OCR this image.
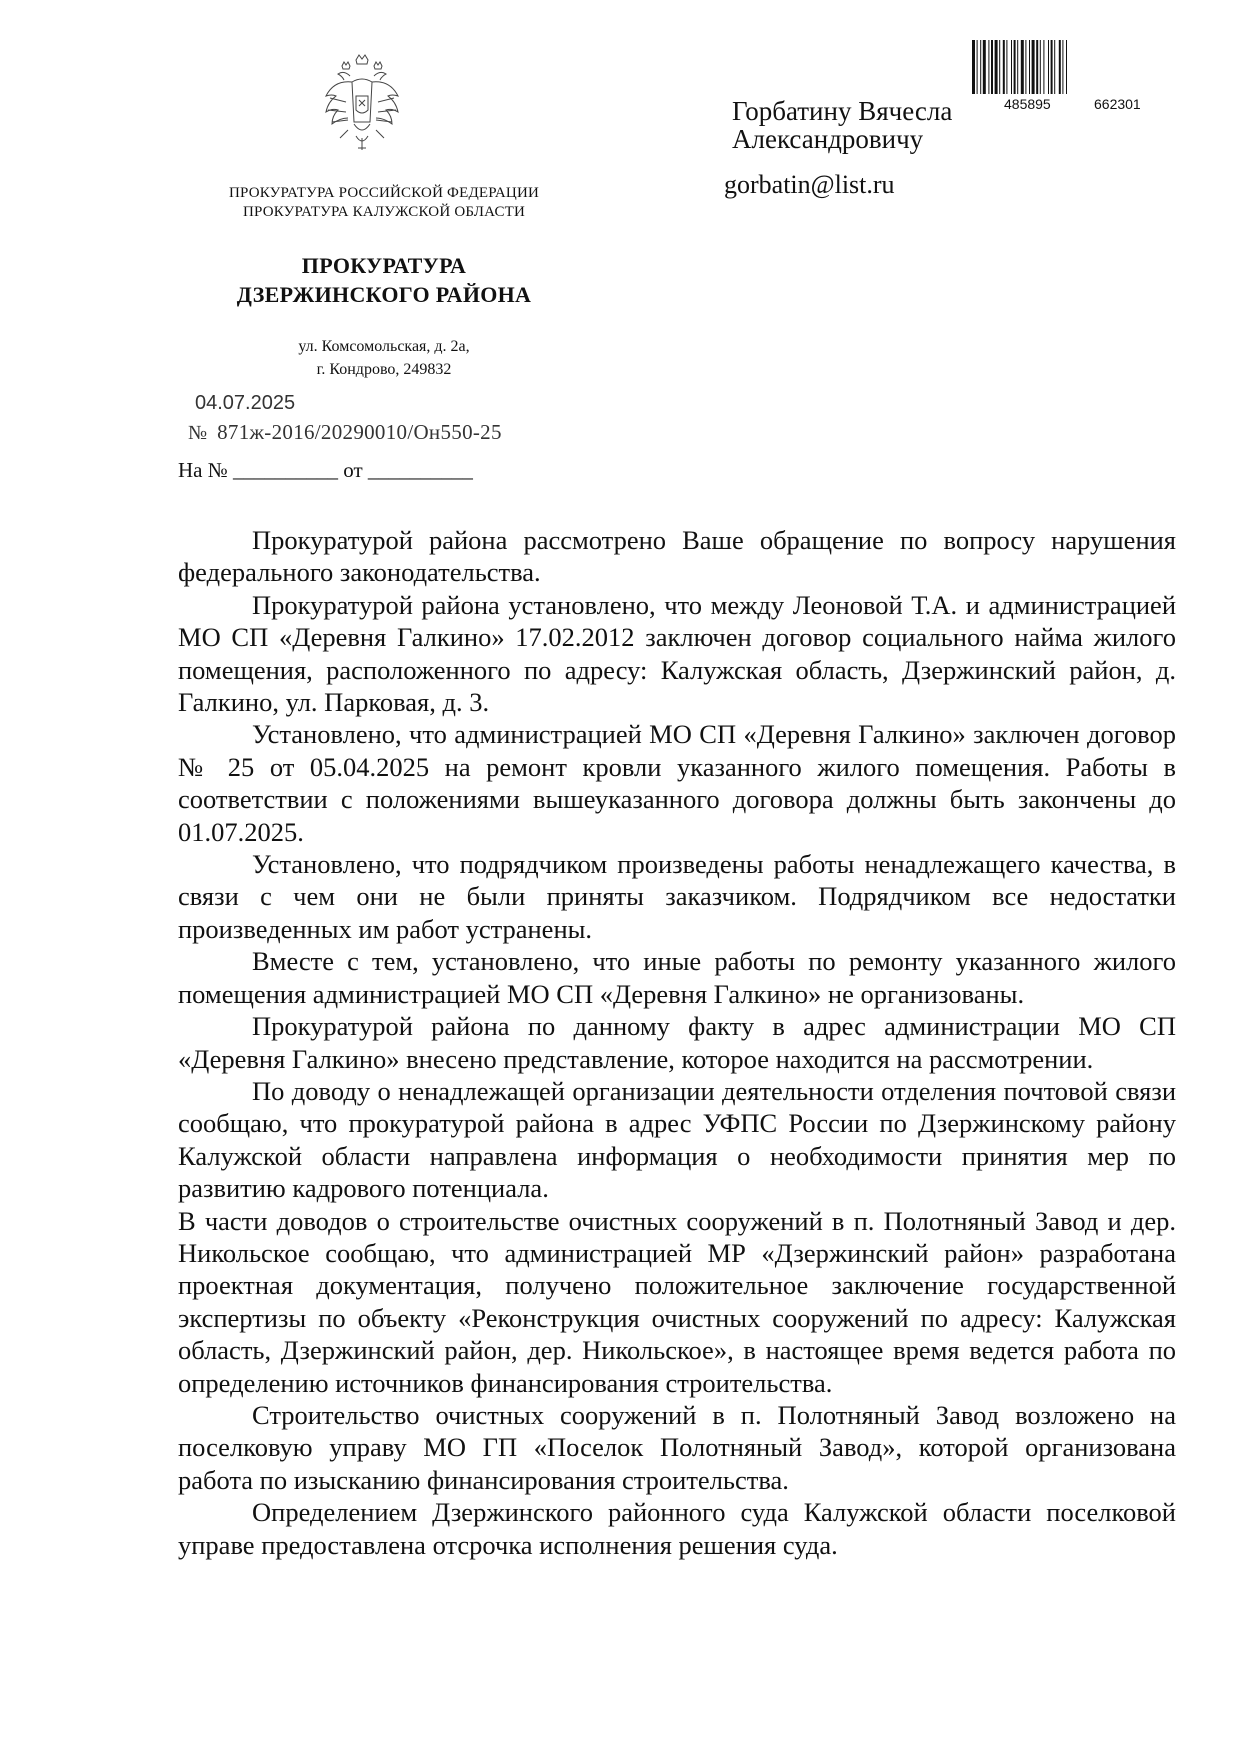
ПРОКУРАТУРА РОССИЙСКОЙ ФЕДЕРАЦИИ
ПРОКУРАТУРА КАЛУЖСКОЙ ОБЛАСТИ
ПРОКУРАТУРА
ДЗЕРЖИНСКОГО РАЙОНА
ул. Комсомольская, д. 2а,
г. Кондрово, 249832
04.07.2025
№ 871ж-2016/20290010/Он550-25
На № __________ от __________
Горбатину Вячесла
Александровичу
gorbatin@list.ru
485895	662301

Прокуратурой района рассмотрено Ваше обращение по вопросу нарушения федерального законодательства.

Прокуратурой района установлено, что между Леоновой Т.А. и администрацией МО СП «Деревня Галкино» 17.02.2012 заключен договор социального найма жилого помещения, расположенного по адресу: Калужская область, Дзержинский район, д. Галкино, ул. Парковая, д. 3.

Установлено, что администрацией МО СП «Деревня Галкино» заключен договор № 25 от 05.04.2025 на ремонт кровли указанного жилого помещения. Работы в соответствии с положениями вышеуказанного договора должны быть закончены до 01.07.2025.

Установлено, что подрядчиком произведены работы ненадлежащего качества, в связи с чем они не были приняты заказчиком. Подрядчиком все недостатки произведенных им работ устранены.

Вместе с тем, установлено, что иные работы по ремонту указанного жилого помещения администрацией МО СП «Деревня Галкино» не организованы.

Прокуратурой района по данному факту в адрес администрации МО СП «Деревня Галкино» внесено представление, которое находится на рассмотрении.

По доводу о ненадлежащей организации деятельности отделения почтовой связи сообщаю, что прокуратурой района в адрес УФПС России по Дзержинскому району Калужской области направлена информация о необходимости принятия мер по развитию кадрового потенциала.

В части доводов о строительстве очистных сооружений в п. Полотняный Завод и дер. Никольское сообщаю, что администрацией МР «Дзержинский район» разработана проектная документация, получено положительное заключение государственной экспертизы по объекту «Реконструкция очистных сооружений по адресу: Калужская область, Дзержинский район, дер. Никольское», в настоящее время ведется работа по определению источников финансирования строительства.

Строительство очистных сооружений в п. Полотняный Завод возложено на поселковую управу МО ГП «Поселок Полотняный Завод», которой организована работа по изысканию финансирования строительства.

Определением Дзержинского районного суда Калужской области поселковой управе предоставлена отсрочка исполнения решения суда.
